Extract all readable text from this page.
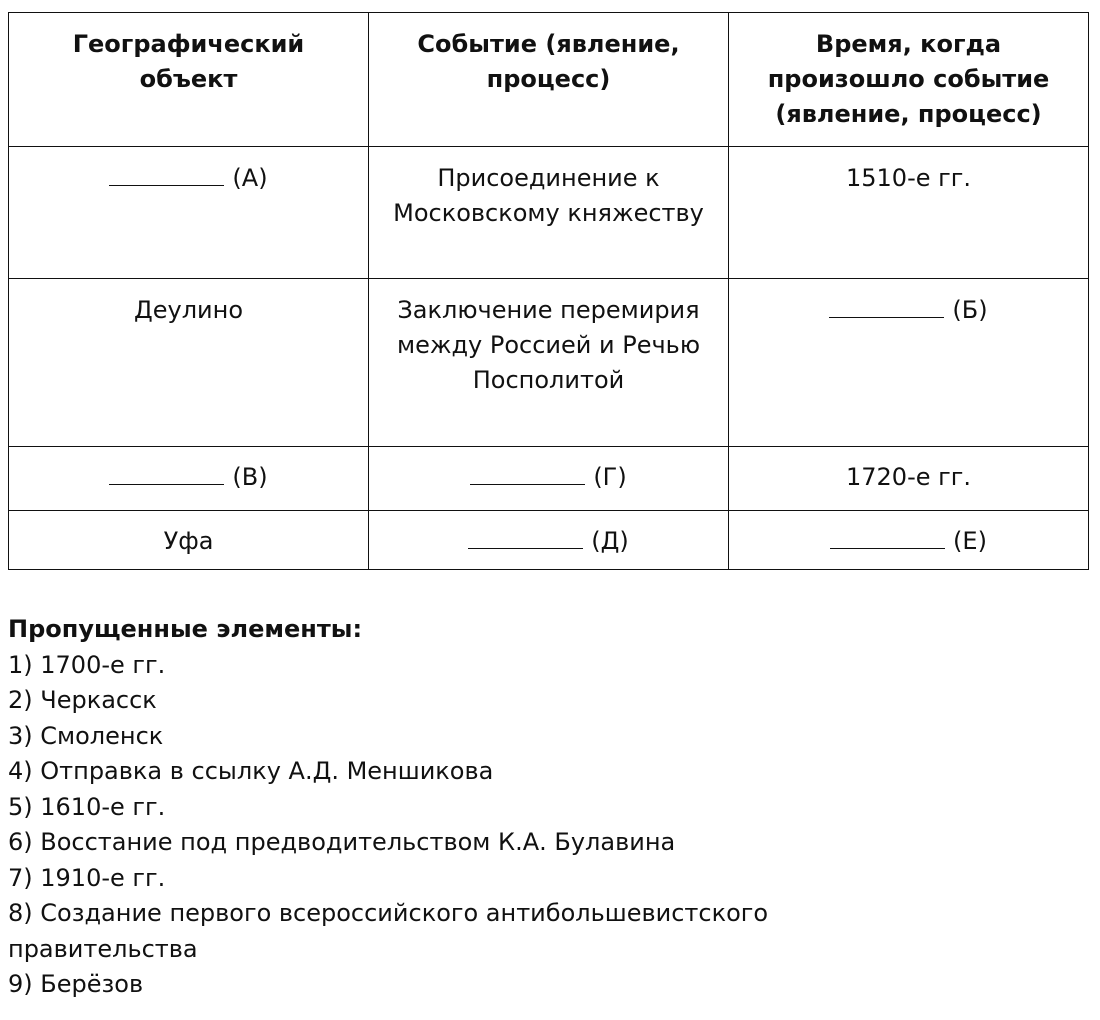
Географический объект	Событие (явление, процесс)	Время, когда произошло событие (явление, процесс)
(А)	Присоединение к Московскому княжеству	1510-е гг.
Деулино	Заключение перемирия между Россией и Речью Посполитой	(Б)
(В)	(Г)	1720-е гг.
Уфа	(Д)	(Е)
Пропущенные элементы:
1) 1700-е гг.
2) Черкасск
3) Смоленск
4) Отправка в ссылку А.Д. Меншикова
5) 1610-е гг.
6) Восстание под предводительством К.А. Булавина
7) 1910-е гг.
8) Создание первого всероссийского антибольшевистского правительства
9) Берёзов
